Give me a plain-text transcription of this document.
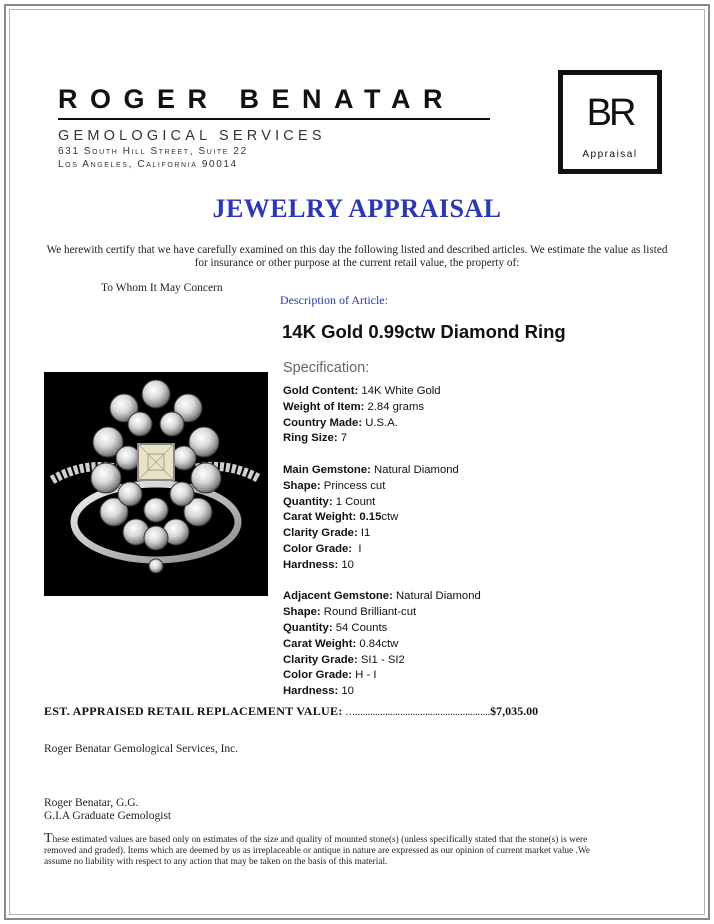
ROGER BENATAR
GEMOLOGICAL SERVICES
631 South Hill Street, Suite 22
Los Angeles, California 90014
BR
Appraisal
JEWELRY APPRAISAL
We herewith certify that we have carefully examined on this day the following listed and described articles. We estimate the value as listed for insurance or other purpose at the current retail value, the property of:
To Whom It May Concern
Description of Article:
14K Gold 0.99ctw Diamond Ring
Specification:
Gold Content: 14K White Gold
Weight of Item: 2.84 grams
Country Made: U.S.A.
Ring Size: 7
Main Gemstone: Natural Diamond
Shape: Princess cut
Quantity: 1 Count
Carat Weight: 0.15ctw
Clarity Grade: I1
Color Grade:  I
Hardness: 10
Adjacent Gemstone: Natural Diamond
Shape: Round Brilliant-cut
Quantity: 54 Counts
Carat Weight: 0.84ctw
Clarity Grade: SI1 - SI2
Color Grade: H - I
Hardness: 10
EST. APPRAISED RETAIL REPLACEMENT VALUE: …......................................................$7,035.00
Roger Benatar Gemological Services, Inc.
Roger Benatar, G.G.
G.I.A Graduate Gemologist
These estimated values are based only on estimates of the size and quality of mounted stone(s) (unless specifically stated that the stone(s) is were removed and graded). Items which are deemed by us as irreplaceable or antique in nature are expressed as our opinion of current market value .We assume no liability with respect to any action that may be taken on the basis of this material.
